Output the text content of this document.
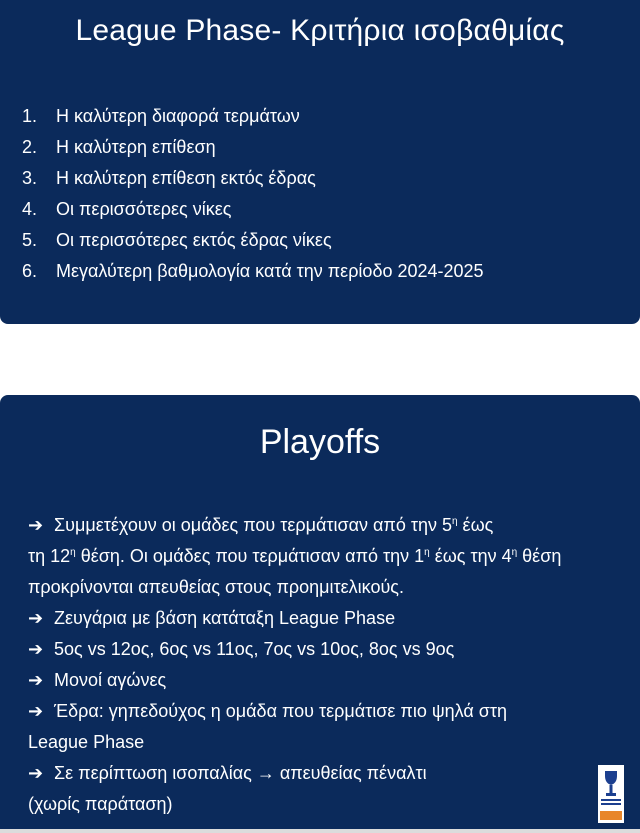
League Phase- Κριτήρια ισοβαθμίας
1.	Η καλύτερη διαφορά τερμάτων
2.	Η καλύτερη επίθεση
3.	Η καλύτερη επίθεση εκτός έδρας
4.	Οι περισσότερες νίκες
5.	Οι περισσότερες εκτός έδρας νίκες
6.	Μεγαλύτερη βαθμολογία κατά την περίοδο 2024-2025
Playoffs
➔ Συμμετέχουν οι ομάδες που τερμάτισαν από την $5^\eta$ έως
τη $12^\eta$ θέση. Οι ομάδες που τερμάτισαν από την $1^\eta$ έως την $4^\eta$ θέση
προκρίνονται απευθείας στους προημιτελικούς.
➔ Ζευγάρια με βάση κατάταξη League Phase
➔ 5ος vs 12ος, 6ος vs 11ος, 7ος vs 10ος, 8ος vs 9ος
➔ Μονοί αγώνες
➔ Έδρα: γηπεδούχος η ομάδα που τερμάτισε πιο ψηλά στη
League Phase
➔ Σε περίπτωση ισοπαλίας → απευθείας πέναλτι
(χωρίς παράταση)
